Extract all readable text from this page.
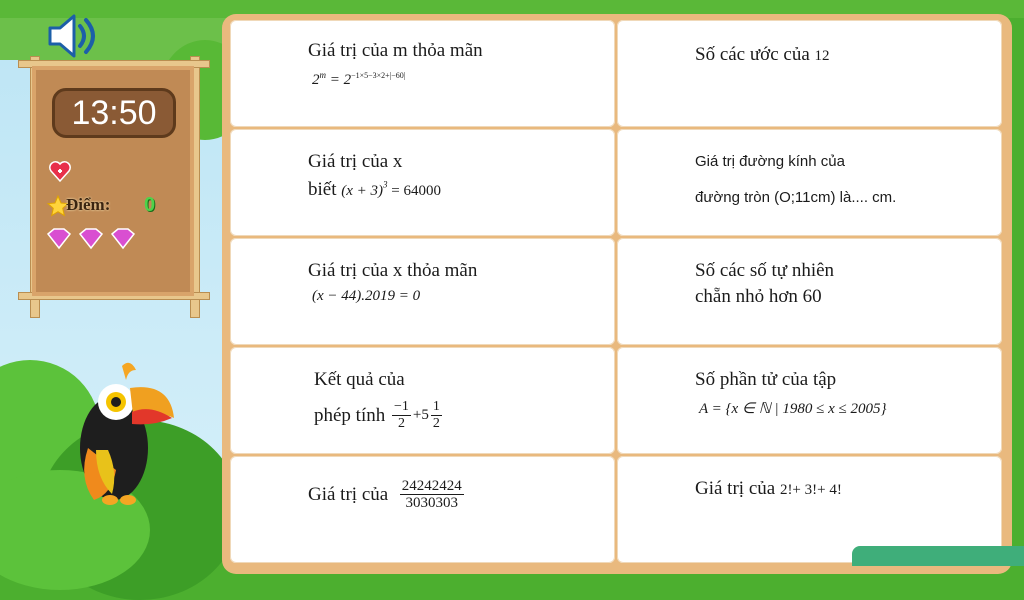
13:50
Điểm: 0
Giá trị của m thỏa mãn
$2^m = 2^{-1\times 5-3\times 2+|-60|}$
Số các ước của 12
Giá trị của x
biết $(x + 3)^3 = 64000$
Giá trị đường kính của
đường tròn (O;11cm) là.... cm.
Giá trị của x thỏa mãn
(x − 44).2019 = 0
Số các số tự nhiên
chẵn nhỏ hơn 60
Kết quả của
phép tính
$\frac{-1}{2} +5 \frac{1}{2}$
Số phần tử của tập
A = {x ∈ ℕ | 1980 ≤ x ≤ 2005}
Giá trị của
$\frac{24242424}{3030303}$	Giá trị của 2!+ 3!+ 4!
